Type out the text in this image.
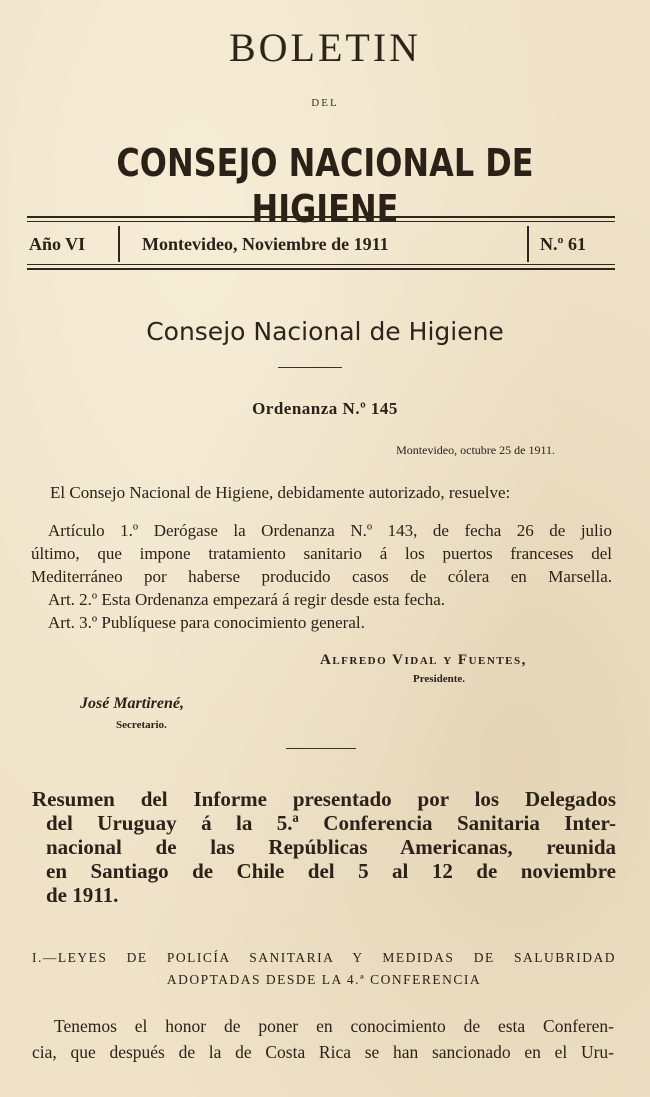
BOLETIN
DEL
CONSEJO NACIONAL DE HIGIENE
Año VI	Montevideo, Noviembre de 1911	N.º 61
Consejo Nacional de Higiene
Ordenanza N.º 145
Montevideo, octubre 25 de 1911.
El Consejo Nacional de Higiene, debidamente autorizado, resuelve:
Artículo 1.º Derógase la Ordenanza N.º 143, de fecha 26 de julio
último, que impone tratamiento sanitario á los puertos franceses del
Mediterráneo por haberse producido casos de cólera en Marsella.
Art. 2.º Esta Ordenanza empezará á regir desde esta fecha.
Art. 3.º Publíquese para conocimiento general.
Alfredo Vidal y Fuentes,
Presidente.
José Martirené,
Secretario.
Resumen del Informe presentado por los Delegados
del Uruguay á la 5.ª Conferencia Sanitaria Inter-
nacional de las Repúblicas Americanas, reunida
en Santiago de Chile del 5 al 12 de noviembre
de 1911.
I.—LEYES DE POLICÍA SANITARIA Y MEDIDAS DE SALUBRIDAD
ADOPTADAS DESDE LA 4.ª CONFERENCIA
Tenemos el honor de poner en conocimiento de esta Conferen-
cia, que después de la de Costa Rica se han sancionado en el Uru-
